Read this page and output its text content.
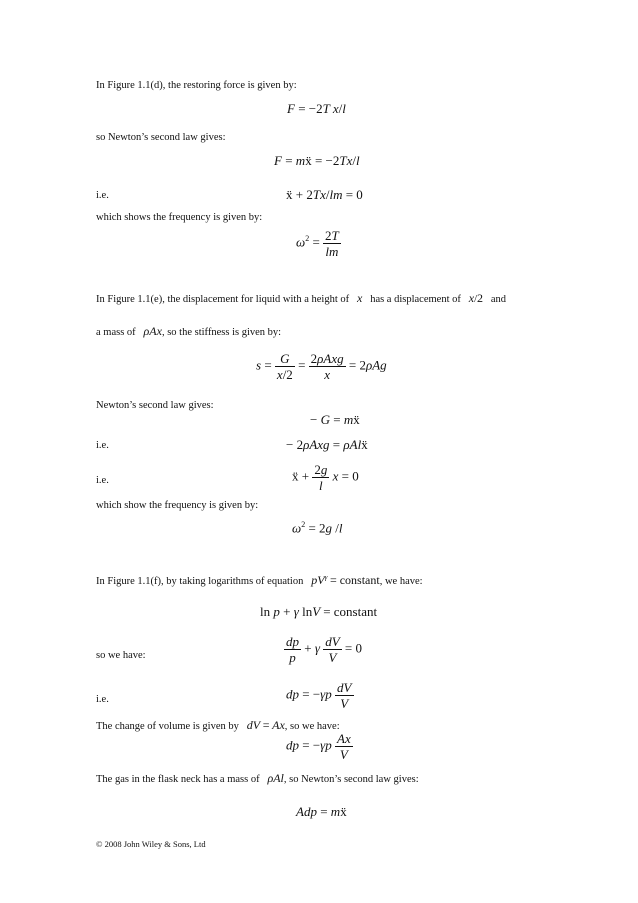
In Figure 1.1(d), the restoring force is given by:
F = −2T x/l
so Newton’s second law gives:
F = mẍ = −2Tx/l
i.e.	ẍ + 2Tx/lm = 0
which shows the frequency is given by:
$\omega^2 = \frac{2T}{lm}$
In Figure 1.1(e), the displacement for liquid with a height of x has a displacement of x/2 and
a mass of ρAx, so the stiffness is given by:
$s = \frac{G}{x/2} = \frac{\text{2ρAxg}}{x} = 2\rho Ag$
Newton’s second law gives:
− G = mẍ
i.e.	− 2ρAxg = ρAlẍ
i.e.	ẍ + $\frac{2g}{l}$ x = 0
which show the frequency is given by:
$\omega^2 = 2g$ /l
In Figure 1.1(f), by taking logarithms of equation $pV^\gamma$ = constant, we have:
ln p + γ lnV = constant
so we have:	$\frac{dp}{p} + \gamma \frac{dV}{V} = 0$
i.e.	dp = $-\gamma p \frac{dV}{V}$
The change of volume is given by dV = Ax, so we have:
dp = $-\gamma p \frac{Ax}{V}$
The gas in the flask neck has a mass of ρAl, so Newton’s second law gives:
Adp = mẍ
© 2008 John Wiley & Sons, Ltd
